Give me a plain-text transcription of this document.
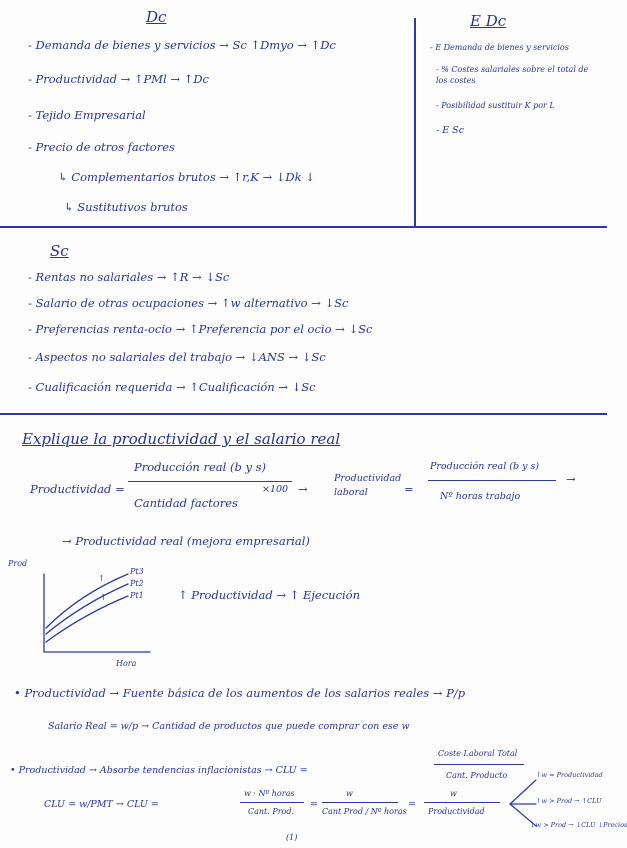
Dc
- Demanda de bienes y servicios → Sc ↑Dmyo → ↑Dc
- Productividad → ↑PMl → ↑Dc
- Tejido Empresarial
- Precio de otros factores
↳ Complementarios brutos → ↑r,K → ↓Dk ↓
↳ Sustitutivos brutos
E Dc
- E Demanda de bienes y servicios
- % Costes salariales sobre el total de los costes
- Posibilidad sustituir K por L
- E Sc
Sc
- Rentas no salariales → ↑R → ↓Sc
- Salario de otras ocupaciones → ↑w alternativo → ↓Sc
- Preferencias renta-ocio → ↑Preferencia por el ocio → ↓Sc
- Aspectos no salariales del trabajo → ↓ANS → ↓Sc
- Cualificación requerida → ↑Cualificación → ↓Sc
Explique la productividad y el salario real
Productividad =
Producción real (b y s)
Cantidad factores
×100 →
Productividad laboral	=
Producción real (b y s)
Nº horas trabajo
→
→ Productividad real (mejora empresarial)
↑
↑
Prod
Hora
Pt3
Pt2
Pt1	↑ Productividad → ↑ Ejecución
• Productividad → Fuente básica de los aumentos de los salarios reales → P/p
Salario Real = w/p → Cantidad de productos que puede comprar con ese w
• Productividad → Absorbe tendencias inflacionistas → CLU =
Coste Laboral Total
Cant. Producto
CLU = w/PMT → CLU =
w · Nº horas
Cant. Prod.
=
w
Cant Prod / Nº horas
=
w
Productividad
↑w = Productividad
↑w > Prod → ↑CLU
↓w > Prod → ↓CLU ↓Precios
(1)
